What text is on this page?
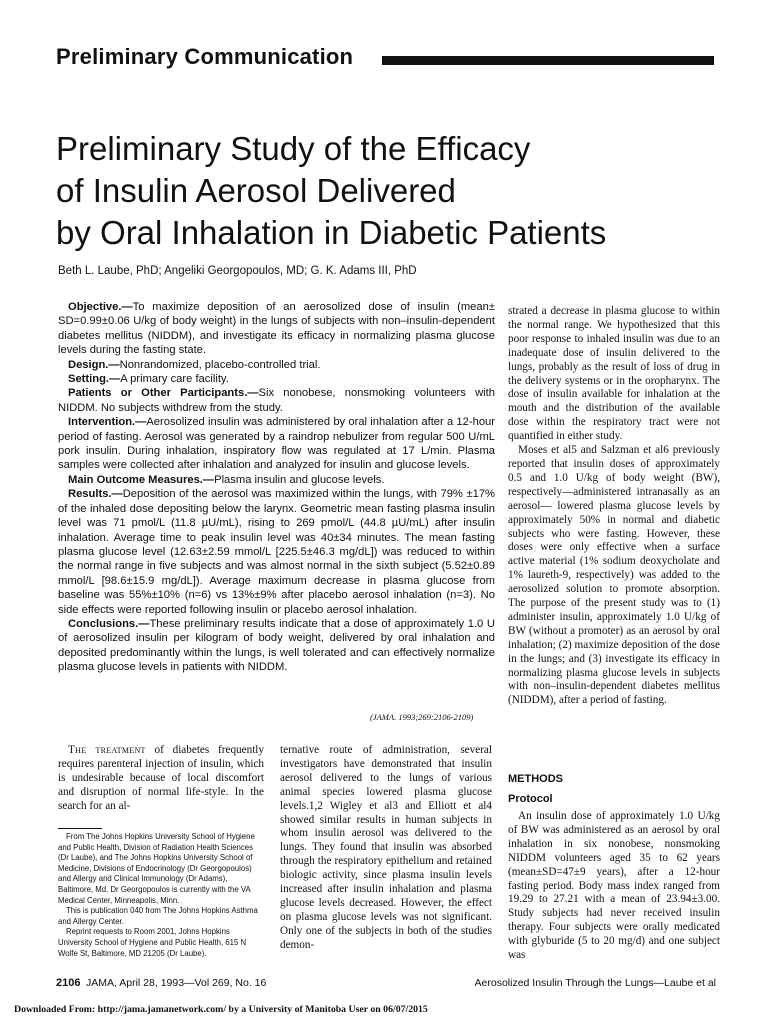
Preliminary Communication
Preliminary Study of the Efficacy
of Insulin Aerosol Delivered
by Oral Inhalation in Diabetic Patients
Beth L. Laube, PhD; Angeliki Georgopoulos, MD; G. K. Adams III, PhD

Objective.—To maximize deposition of an aerosolized dose of insulin (mean± SD=0.99±0.06 U/kg of body weight) in the lungs of subjects with non–insulin-dependent diabetes mellitus (NIDDM), and investigate its efficacy in normalizing plasma glucose levels during the fasting state.

Design.—Nonrandomized, placebo-controlled trial.

Setting.—A primary care facility.

Patients or Other Participants.—Six nonobese, nonsmoking volunteers with NIDDM. No subjects withdrew from the study.

Intervention.—Aerosolized insulin was administered by oral inhalation after a 12-hour period of fasting. Aerosol was generated by a raindrop nebulizer from regular 500 U/mL pork insulin. During inhalation, inspiratory flow was regulated at 17 L/min. Plasma samples were collected after inhalation and analyzed for insulin and glucose levels.

Main Outcome Measures.—Plasma insulin and glucose levels.

Results.—Deposition of the aerosol was maximized within the lungs, with 79% ±17% of the inhaled dose depositing below the larynx. Geometric mean fasting plasma insulin level was 71 pmol/L (11.8 µU/mL), rising to 269 pmol/L (44.8 µU/mL) after insulin inhalation. Average time to peak insulin level was 40±34 minutes. The mean fasting plasma glucose level (12.63±2.59 mmol/L [225.5±46.3 mg/dL]) was reduced to within the normal range in five subjects and was almost normal in the sixth subject (5.52±0.89 mmol/L [98.6±15.9 mg/dL]). Average maximum decrease in plasma glucose from baseline was 55%±10% (n=6) vs 13%±9% after placebo aerosol inhalation (n=3). No side effects were reported following insulin or placebo aerosol inhalation.

Conclusions.—These preliminary results indicate that a dose of approximately 1.0 U of aerosolized insulin per kilogram of body weight, delivered by oral inhalation and deposited predominantly within the lungs, is well tolerated and can effectively normalize plasma glucose levels in patients with NIDDM.

(JAMA. 1993;269:2106-2109)

The treatment of diabetes frequently requires parenteral injection of insulin, which is undesirable because of local discomfort and disruption of normal life-style. In the search for an al-

From The Johns Hopkins University School of Hygiene and Public Health, Division of Radiation Health Sciences (Dr Laube), and The Johns Hopkins University School of Medicine, Divisions of Endocrinology (Dr Georgopoulos) and Allergy and Clinical Immunology (Dr Adams), Baltimore, Md. Dr Georgopoulos is currently with the VA Medical Center, Minneapolis, Minn.

This is publication 040 from The Johns Hopkins Asthma and Allergy Center.

Reprint requests to Room 2001, Johns Hopkins University School of Hygiene and Public Health, 615 N Wolfe St, Baltimore, MD 21205 (Dr Laube).

ternative route of administration, several investigators have demonstrated that insulin aerosol delivered to the lungs of various animal species lowered plasma glucose levels.1,2 Wigley et al3 and Elliott et al4 showed similar results in human subjects in whom insulin aerosol was delivered to the lungs. They found that insulin was absorbed through the respiratory epithelium and retained biologic activity, since plasma insulin levels increased after insulin inhalation and plasma glucose levels decreased. However, the effect on plasma glucose levels was not significant. Only one of the subjects in both of the studies demon-

strated a decrease in plasma glucose to within the normal range. We hypothesized that this poor response to inhaled insulin was due to an inadequate dose of insulin delivered to the lungs, probably as the result of loss of drug in the delivery systems or in the oropharynx. The dose of insulin available for inhalation at the mouth and the distribution of the available dose within the respiratory tract were not quantified in either study.

Moses et al5 and Salzman et al6 previously reported that insulin doses of approximately 0.5 and 1.0 U/kg of body weight (BW), respectively—administered intranasally as an aerosol— lowered plasma glucose levels by approximately 50% in normal and diabetic subjects who were fasting. However, these doses were only effective when a surface active material (1% sodium deoxycholate and 1% laureth-9, respectively) was added to the aerosolized solution to promote absorption. The purpose of the present study was to (1) administer insulin, approximately 1.0 U/kg of BW (without a promoter) as an aerosol by oral inhalation; (2) maximize deposition of the dose in the lungs; and (3) investigate its efficacy in normalizing plasma glucose levels in subjects with non–insulin-dependent diabetes mellitus (NIDDM), after a period of fasting.

METHODS
Protocol

An insulin dose of approximately 1.0 U/kg of BW was administered as an aerosol by oral inhalation in six nonobese, nonsmoking NIDDM volunteers aged 35 to 62 years (mean±SD=47±9 years), after a 12-hour fasting period. Body mass index ranged from 19.29 to 27.21 with a mean of 23.94±3.00. Study subjects had never received insulin therapy. Four subjects were orally medicated with glyburide (5 to 20 mg/d) and one subject was

2106 JAMA, April 28, 1993—Vol 269, No. 16	Aerosolized Insulin Through the Lungs—Laube et al
Downloaded From: http://jama.jamanetwork.com/ by a University of Manitoba User on 06/07/2015
